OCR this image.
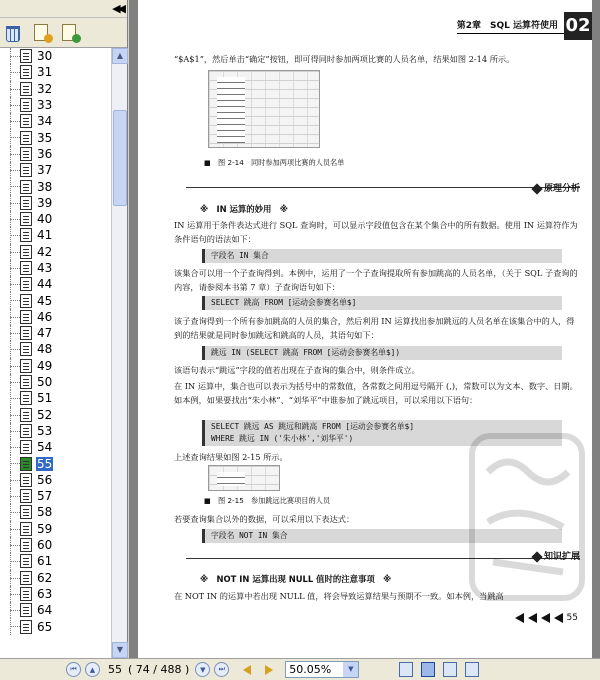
◀◀
30
31
32
33
34
35
36
37
38
39
40
41
42
43
44
45
46
47
48
49
50
51
52
53
54
55
56
57
58
59
60
61
62
63
64
65
▲
▼
第2章　SQL 运算符使用 02
“$A$1”，然后单击“确定”按钮，即可得同时参加两项比赛的人员名单，结果如图 2-14 所示。
■　图 2-14　同时参加两项比赛的人员名单
原理分析
※　IN 运算的妙用　※
IN 运算用于条件表达式进行 SQL 查询时，可以显示字段值包含在某个集合中的所有数据。使用 IN 运算符作为条件语句的语法如下：
字段名 IN 集合
该集合可以用一个子查询得到。本例中，运用了一个子查询提取所有参加跳高的人员名单，（关于 SQL 子查询的内容，请参阅本书第 7 章）子查询语句如下：
SELECT 跳高 FROM [运动会参赛名单$]
该子查询得到一个所有参加跳高的人员的集合，然后利用 IN 运算找出参加跳远的人员名单在该集合中的人，得到的结果就是同时参加跳远和跳高的人员，其语句如下：
跳远 IN (SELECT 跳高 FROM [运动会参赛名单$])
该语句表示“跳远”字段的值若出现在子查询的集合中，则条件成立。
在 IN 运算中，集合也可以表示为括号中的常数值，各常数之间用逗号隔开 (,)，常数可以为文本、数字、日期。如本例，如果要找出“朱小林”、“刘华平”中谁参加了跳远项目，可以采用以下语句：
SELECT 跳远 AS 跳远和跳高 FROM [运动会参赛名单$]
WHERE 跳远 IN ('朱小林','刘华平')
上述查询结果如图 2-15 所示。
■　图 2-15　参加跳远比赛项目的人员
若要查询集合以外的数据，可以采用以下表达式：
字段名 NOT IN 集合
知识扩展
※　NOT IN 运算出现 NULL 值时的注意事项　※
在 NOT IN 的运算中若出现 NULL 值，将会导致运算结果与预期不一致。如本例，当跳高
55
⏮	▲
55	( 74 / 488 )	▼	⏭	50.05%	▼
